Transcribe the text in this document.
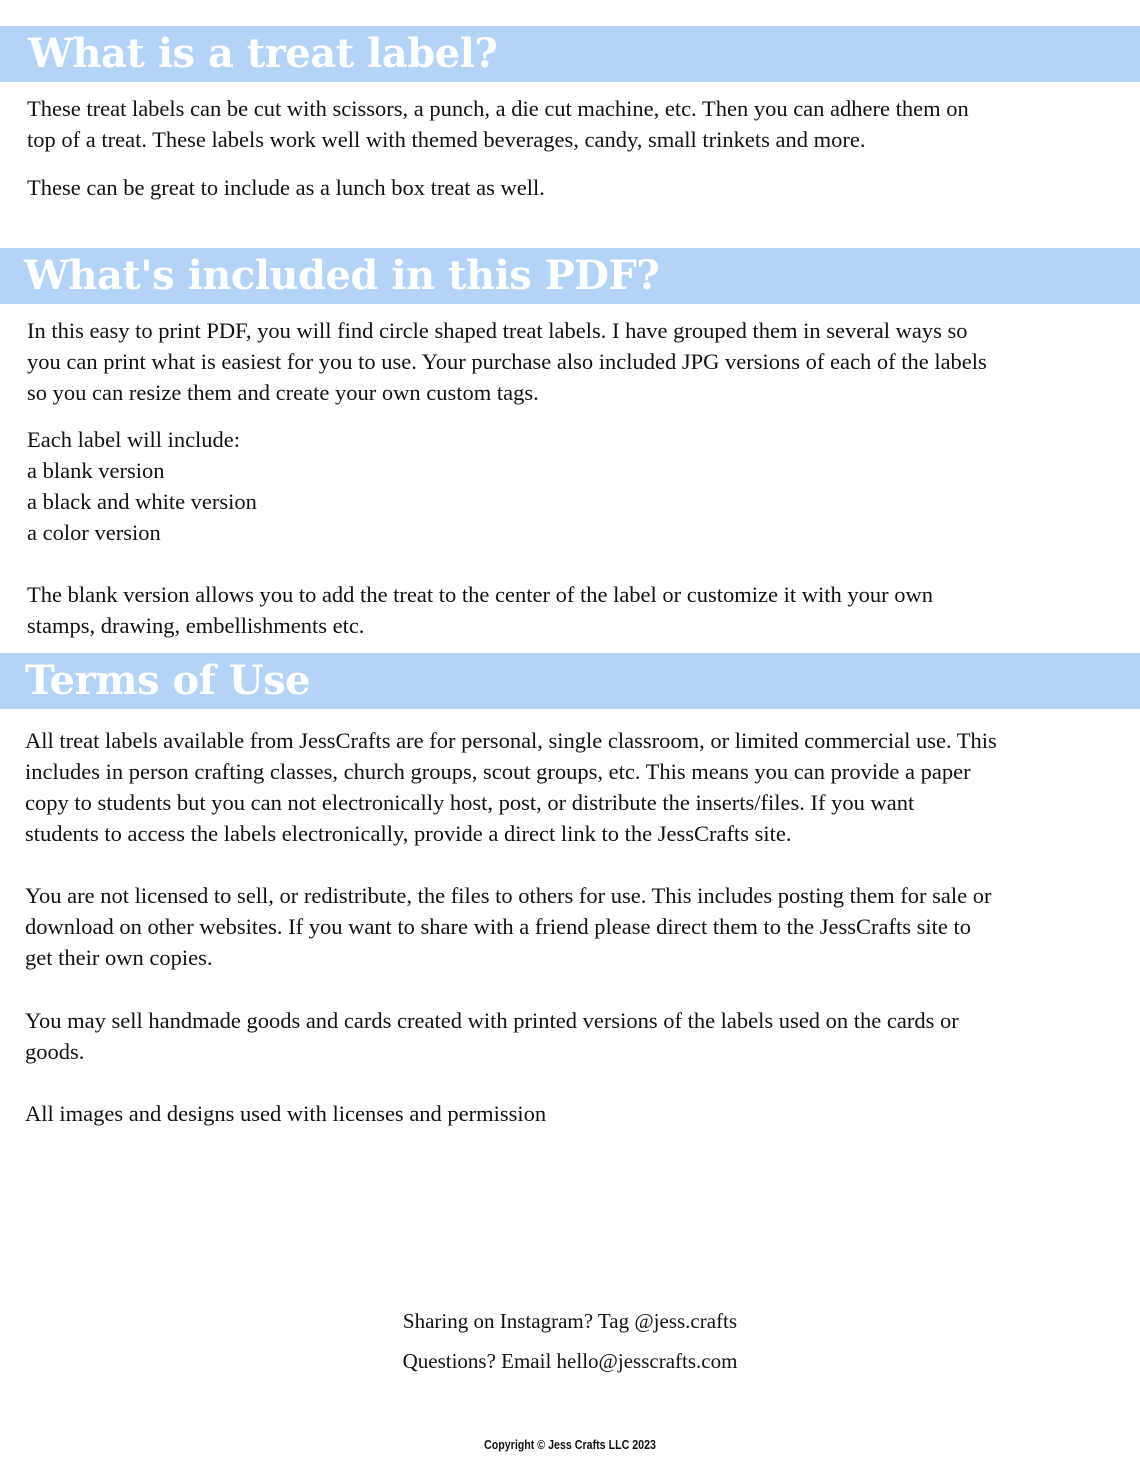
What is a treat label?

These treat labels can be cut with scissors, a punch, a die cut machine, etc. Then you can adhere them on
top of a treat. These labels work well with themed beverages, candy, small trinkets and more.

These can be great to include as a lunch box treat as well.

What's included in this PDF?

In this easy to print PDF, you will find circle shaped treat labels. I have grouped them in several ways so
you can print what is easiest for you to use. Your purchase also included JPG versions of each of the labels
so you can resize them and create your own custom tags.

Each label will include:
a blank version
a black and white version
a color version

The blank version allows you to add the treat to the center of the label or customize it with your own
stamps, drawing, embellishments etc.

Terms of Use

All treat labels available from JessCrafts are for personal, single classroom, or limited commercial use. This
includes in person crafting classes, church groups, scout groups, etc. This means you can provide a paper
copy to students but you can not electronically host, post, or distribute the inserts/files. If you want
students to access the labels electronically, provide a direct link to the JessCrafts site.

You are not licensed to sell, or redistribute, the files to others for use. This includes posting them for sale or
download on other websites. If you want to share with a friend please direct them to the JessCrafts site to
get their own copies.

You may sell handmade goods and cards created with printed versions of the labels used on the cards or
goods.

All images and designs used with licenses and permission

Sharing on Instagram? Tag @jess.crafts
Questions? Email hello@jesscrafts.com
Copyright © Jess Crafts LLC 2023
